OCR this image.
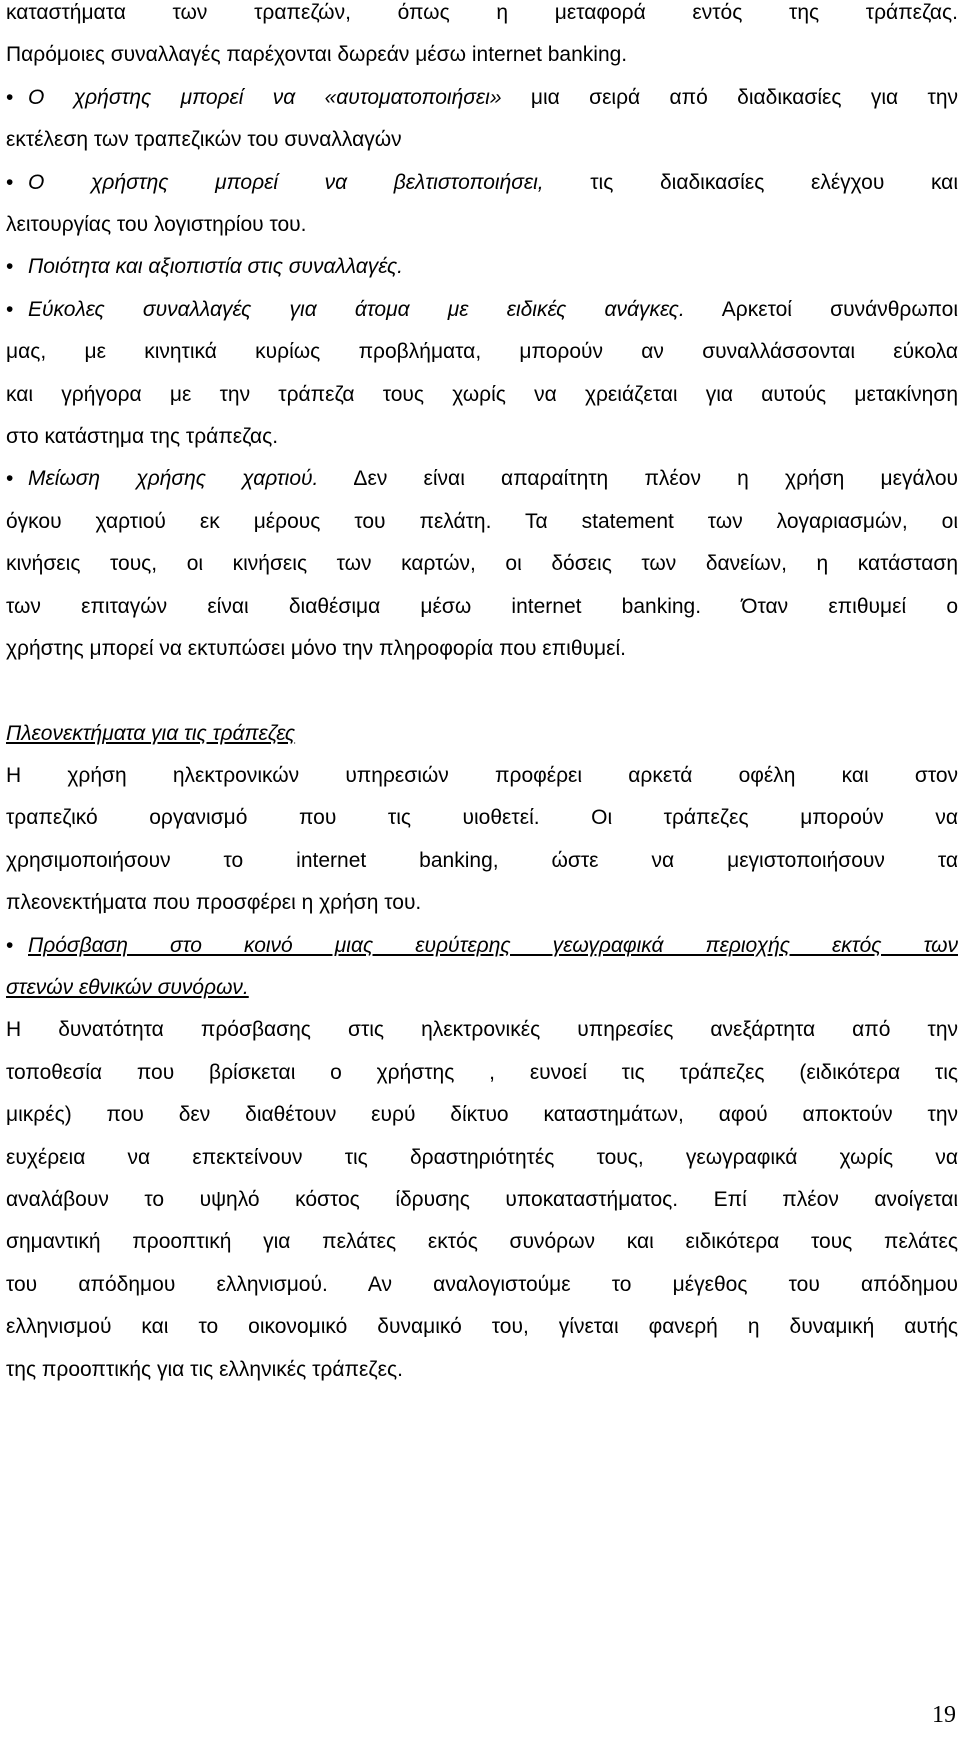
καταστήματα των τραπεζών, όπως η μεταφορά εντός της τράπεζας.
Παρόμοιες συναλλαγές παρέχονται δωρεάν μέσω internet banking.
• Ο χρήστης μπορεί να «αυτοματοποιήσει» μια σειρά από διαδικασίες για την
εκτέλεση των τραπεζικών του συναλλαγών
• Ο χρήστης μπορεί να βελτιστοποιήσει, τις διαδικασίες ελέγχου και
λειτουργίας του λογιστηρίου του.
• Ποιότητα και αξιοπιστία στις συναλλαγές.
• Εύκολες συναλλαγές για άτομα με ειδικές ανάγκες. Αρκετοί συνάνθρωποι
μας, με κινητικά κυρίως προβλήματα, μπορούν αν συναλλάσσονται εύκολα
και γρήγορα με την τράπεζα τους χωρίς να χρειάζεται για αυτούς μετακίνηση
στο κατάστημα της τράπεζας.
• Μείωση χρήσης χαρτιού. Δεν είναι απαραίτητη πλέον η χρήση μεγάλου
όγκου χαρτιού εκ μέρους του πελάτη. Τα statement των λογαριασμών, οι
κινήσεις τους, οι κινήσεις των καρτών, οι δόσεις των δανείων, η κατάσταση
των επιταγών είναι διαθέσιμα μέσω internet banking. Όταν επιθυμεί ο
χρήστης μπορεί να εκτυπώσει μόνο την πληροφορία που επιθυμεί.
Πλεονεκτήματα για τις τράπεζες
Η χρήση ηλεκτρονικών υπηρεσιών προφέρει αρκετά οφέλη και στον
τραπεζικό οργανισμό που τις υιοθετεί. Οι τράπεζες μπορούν να
χρησιμοποιήσουν το internet banking, ώστε να μεγιστοποιήσουν τα
πλεονεκτήματα που προσφέρει η χρήση του.
• Πρόσβαση στο κοινό μιας ευρύτερης γεωγραφικά περιοχής εκτός των
στενών εθνικών συνόρων.
Η δυνατότητα πρόσβασης στις ηλεκτρονικές υπηρεσίες ανεξάρτητα από την
τοποθεσία που βρίσκεται ο χρήστης , ευνοεί τις τράπεζες (ειδικότερα τις
μικρές) που δεν διαθέτουν ευρύ δίκτυο καταστημάτων, αφού αποκτούν την
ευχέρεια να επεκτείνουν τις δραστηριότητές τους, γεωγραφικά χωρίς να
αναλάβουν το υψηλό κόστος ίδρυσης υποκαταστήματος. Επί πλέον ανοίγεται
σημαντική προοπτική για πελάτες εκτός συνόρων και ειδικότερα τους πελάτες
του απόδημου ελληνισμού. Αν αναλογιστούμε το μέγεθος του απόδημου
ελληνισμού και το οικονομικό δυναμικό του, γίνεται φανερή η δυναμική αυτής
της προοπτικής για τις ελληνικές τράπεζες.
19
